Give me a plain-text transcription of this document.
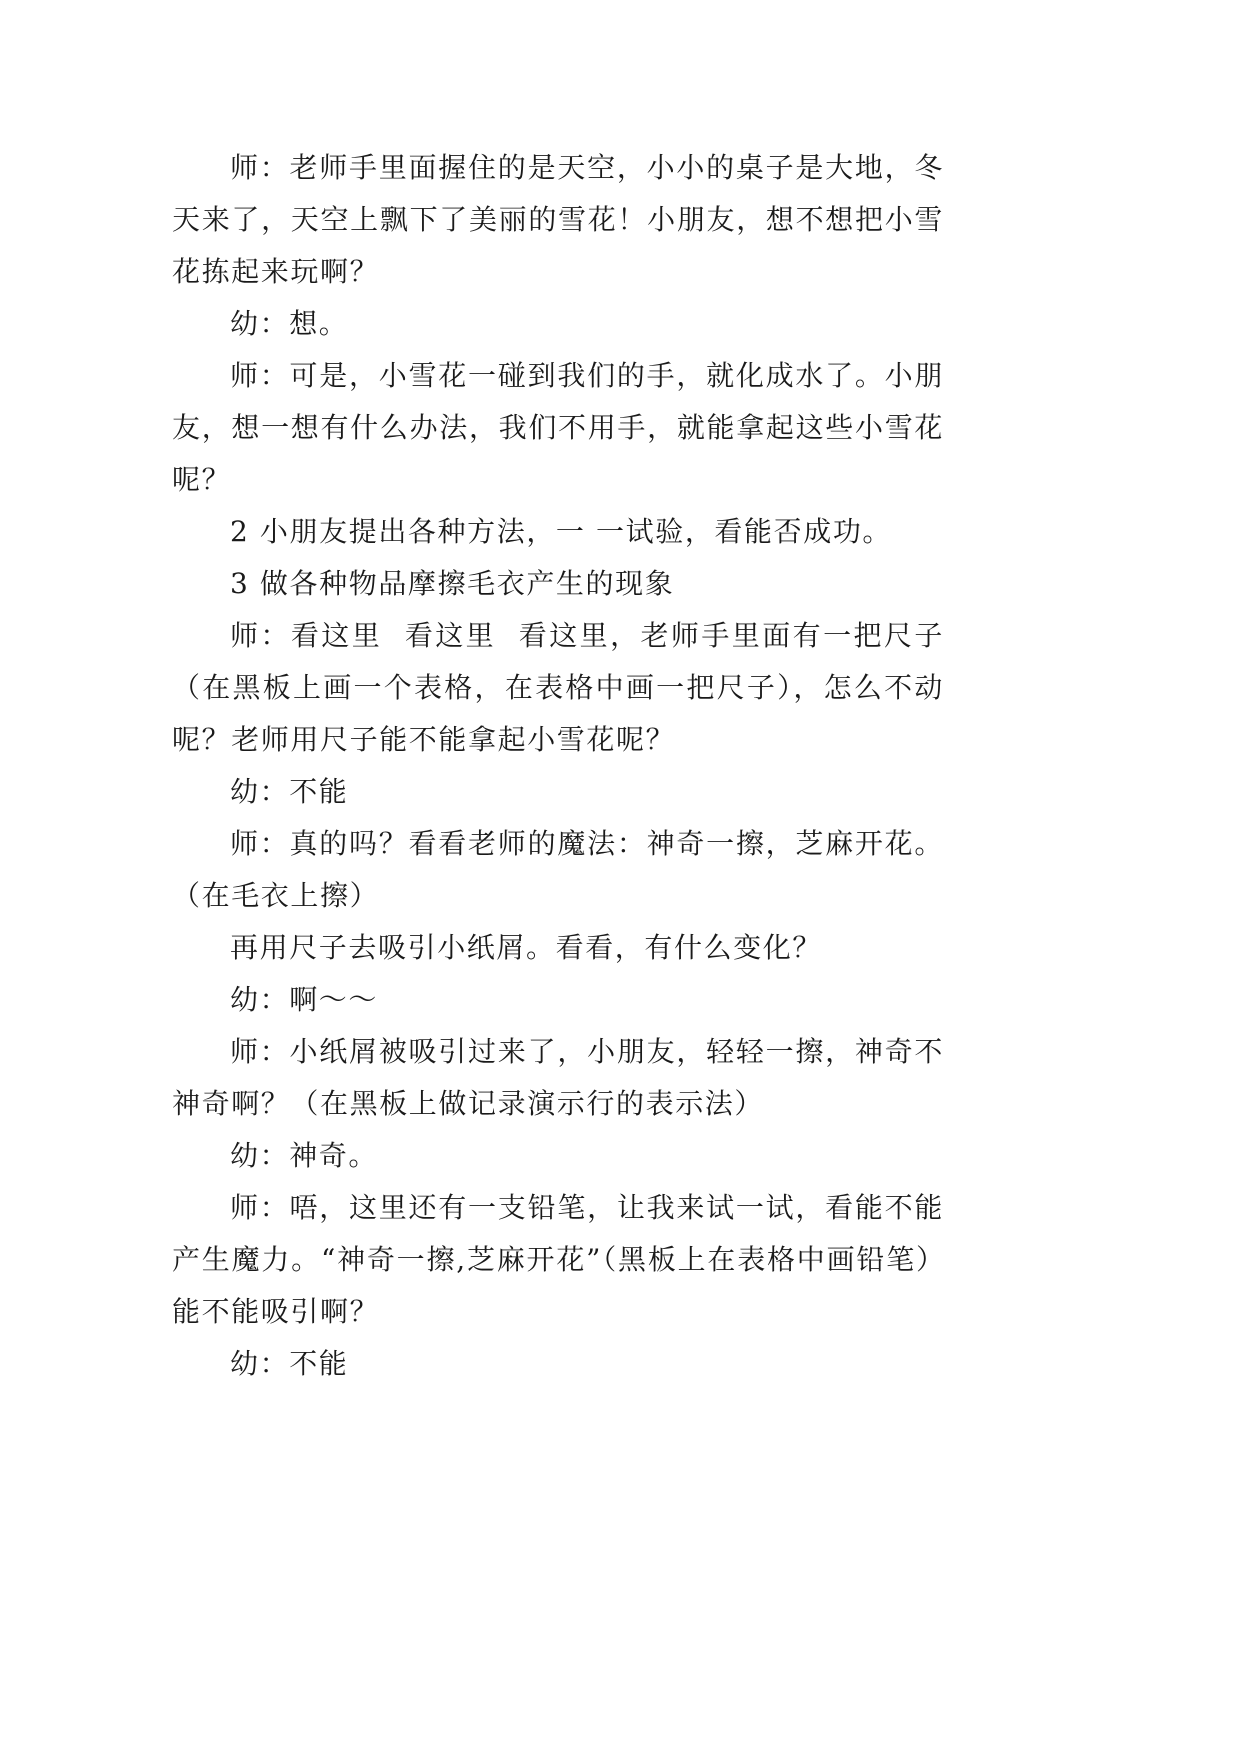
师：老师手里面握住的是天空，小小的桌子是大地，冬
天来了，天空上飘下了美丽的雪花！小朋友，想不想把小雪
花拣起来玩啊？
幼：想。
师：可是，小雪花一碰到我们的手，就化成水了。小朋
友，想一想有什么办法，我们不用手，就能拿起这些小雪花
呢？
2 小朋友提出各种方法，一 一试验，看能否成功。
3 做各种物品摩擦毛衣产生的现象
师：看这里  看这里  看这里，老师手里面有一把尺子
（在黑板上画一个表格，在表格中画一把尺子），怎么不动
呢？老师用尺子能不能拿起小雪花呢？
幼：不能
师：真的吗？看看老师的魔法：神奇一擦，芝麻开花。
（在毛衣上擦）
再用尺子去吸引小纸屑。看看，有什么变化？
幼：啊～～
师：小纸屑被吸引过来了，小朋友，轻轻一擦，神奇不
神奇啊？（在黑板上做记录演示行的表示法）
幼：神奇。
师：唔，这里还有一支铅笔，让我来试一试，看能不能
产生魔力。“神奇一擦,芝麻开花”（黑板上在表格中画铅笔）
能不能吸引啊？
幼：不能
